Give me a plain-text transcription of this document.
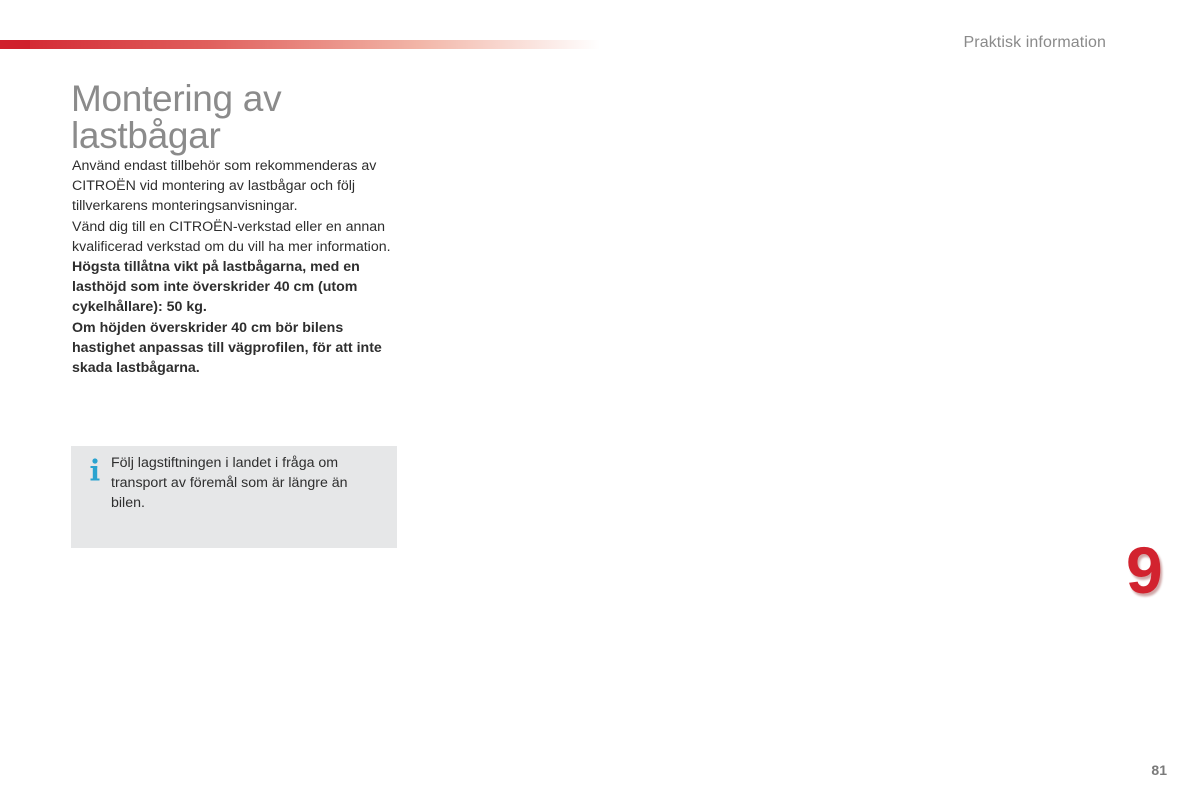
Praktisk information
Montering av lastbågar

Använd endast tillbehör som rekommenderas av CITROËN vid montering av lastbågar och följ tillverkarens monteringsanvisningar.

Vänd dig till en CITROËN-verkstad eller en annan kvalificerad verkstad om du vill ha mer information.

Högsta tillåtna vikt på lastbågarna, med en lasthöjd som inte överskrider 40 cm (utom cykelhållare): 50 kg.

Om höjden överskrider 40 cm bör bilens hastighet anpassas till vägprofilen, för att inte skada lastbågarna.

Följ lagstiftningen i landet i fråga om transport av föremål som är längre än bilen.
9
81
